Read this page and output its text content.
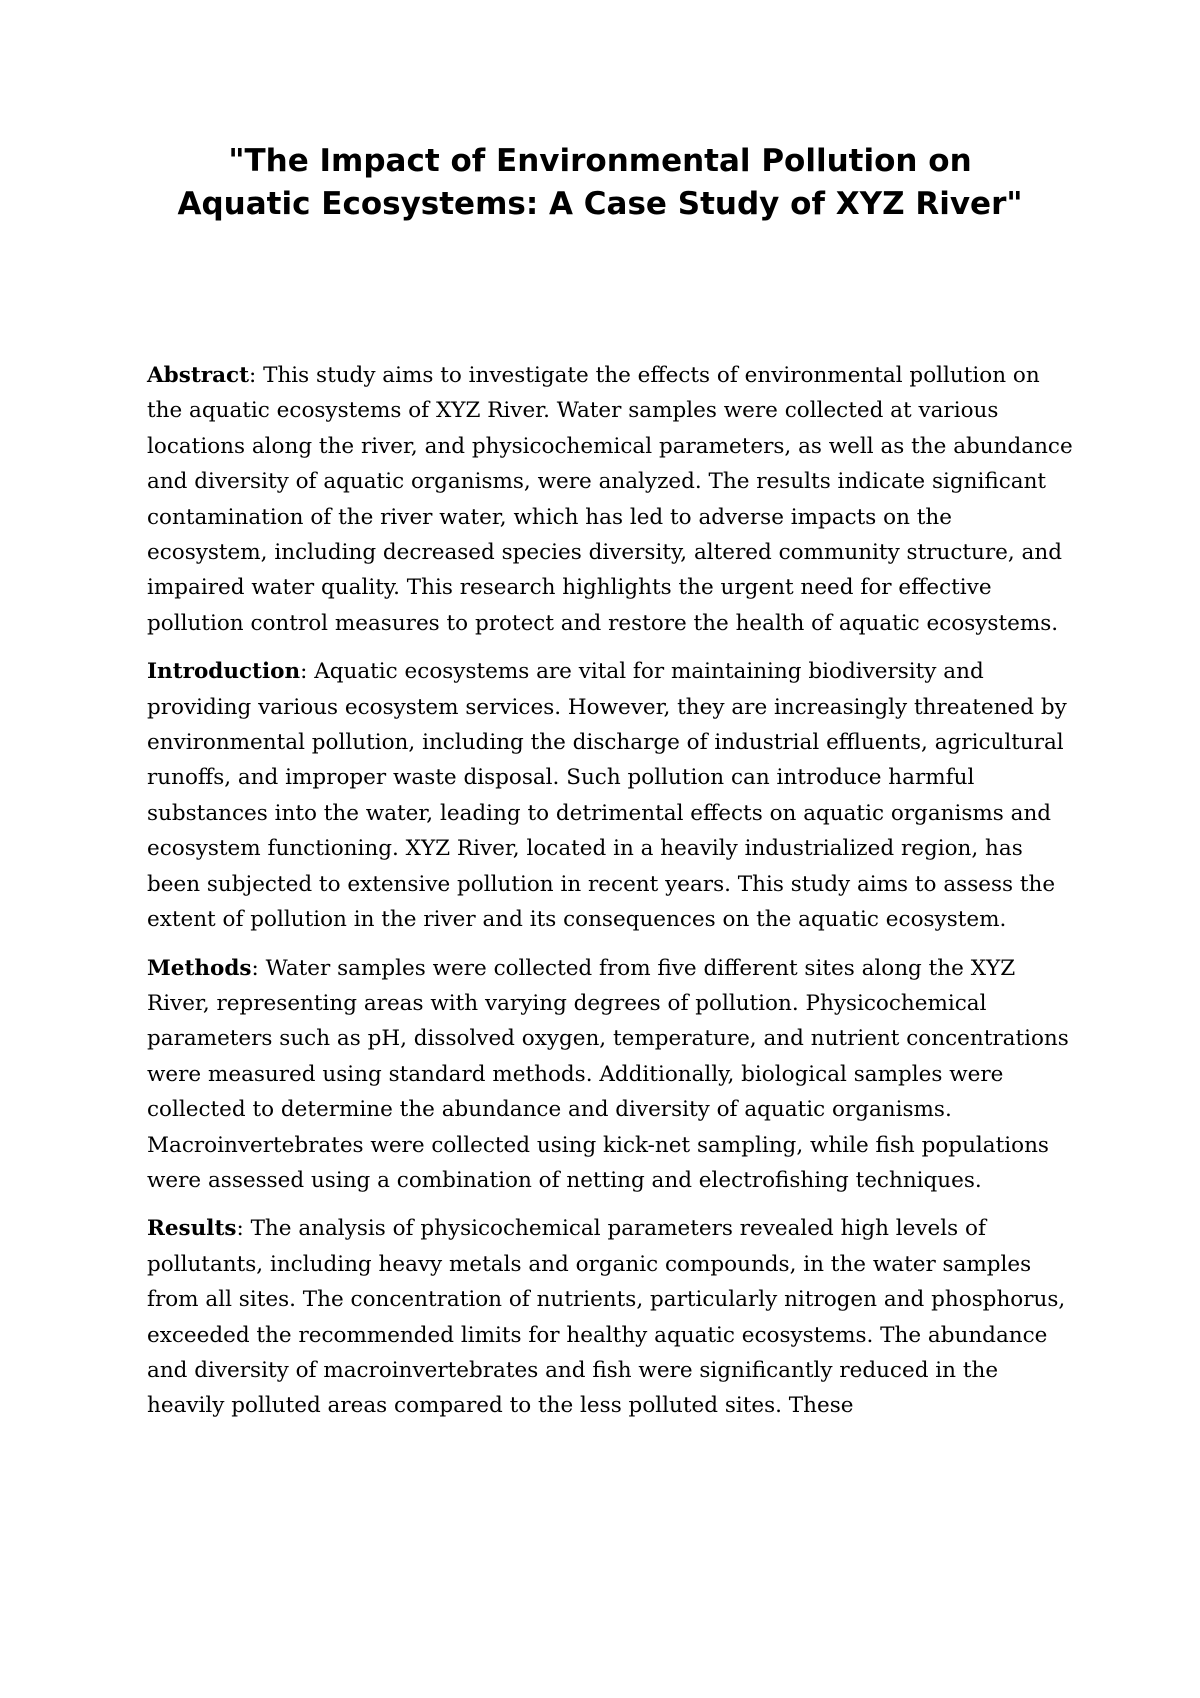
"The Impact of Environmental Pollution on
Aquatic Ecosystems: A Case Study of XYZ River"

Abstract: This study aims to investigate the effects of environmental pollution on the aquatic ecosystems of XYZ River. Water samples were collected at various locations along the river, and physicochemical parameters, as well as the abundance and diversity of aquatic organisms, were analyzed. The results indicate significant contamination of the river water, which has led to adverse impacts on the ecosystem, including decreased species diversity, altered community structure, and impaired water quality. This research highlights the urgent need for effective pollution control measures to protect and restore the health of aquatic ecosystems.

Introduction: Aquatic ecosystems are vital for maintaining biodiversity and providing various ecosystem services. However, they are increasingly threatened by environmental pollution, including the discharge of industrial effluents, agricultural runoffs, and improper waste disposal. Such pollution can introduce harmful substances into the water, leading to detrimental effects on aquatic organisms and ecosystem functioning. XYZ River, located in a heavily industrialized region, has been subjected to extensive pollution in recent years. This study aims to assess the extent of pollution in the river and its consequences on the aquatic ecosystem.

Methods: Water samples were collected from five different sites along the XYZ River, representing areas with varying degrees of pollution. Physicochemical parameters such as pH, dissolved oxygen, temperature, and nutrient concentrations were measured using standard methods. Additionally, biological samples were collected to determine the abundance and diversity of aquatic organisms. Macroinvertebrates were collected using kick-net sampling, while fish populations were assessed using a combination of netting and electrofishing techniques.

Results: The analysis of physicochemical parameters revealed high levels of pollutants, including heavy metals and organic compounds, in the water samples from all sites. The concentration of nutrients, particularly nitrogen and phosphorus, exceeded the recommended limits for healthy aquatic ecosystems. The abundance and diversity of macroinvertebrates and fish were significantly reduced in the heavily polluted areas compared to the less polluted sites. These
